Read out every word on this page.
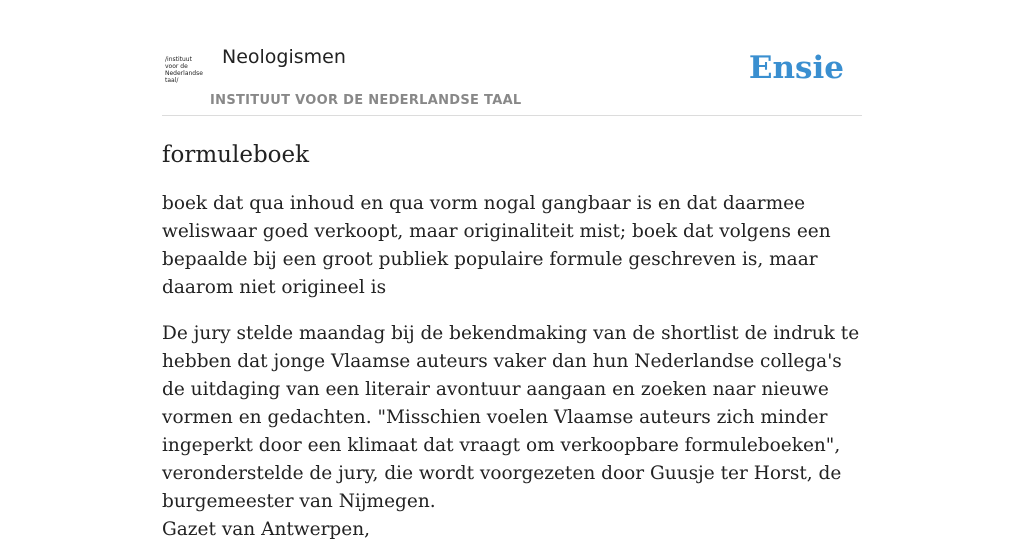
/instituut
voor de
Nederlandse
taal/
Neologismen
INSTITUUT VOOR DE NEDERLANDSE TAAL
Ensie
formuleboek

boek dat qua inhoud en qua vorm nogal gangbaar is en dat daarmee weliswaar goed verkoopt, maar originaliteit mist; boek dat volgens een bepaalde bij een groot publiek populaire formule geschreven is, maar daarom niet origineel is

De jury stelde maandag bij de bekendmaking van de shortlist de indruk te hebben dat jonge Vlaamse auteurs vaker dan hun Nederlandse collega's de uitdaging van een literair avontuur aangaan en zoeken naar nieuwe vormen en gedachten. "Misschien voelen Vlaamse auteurs zich minder ingeperkt door een klimaat dat vraagt om verkoopbare formuleboeken", veronderstelde de jury, die wordt voorgezeten door Guusje ter Horst, de burgemeester van Nijmegen.
Gazet van Antwerpen,
